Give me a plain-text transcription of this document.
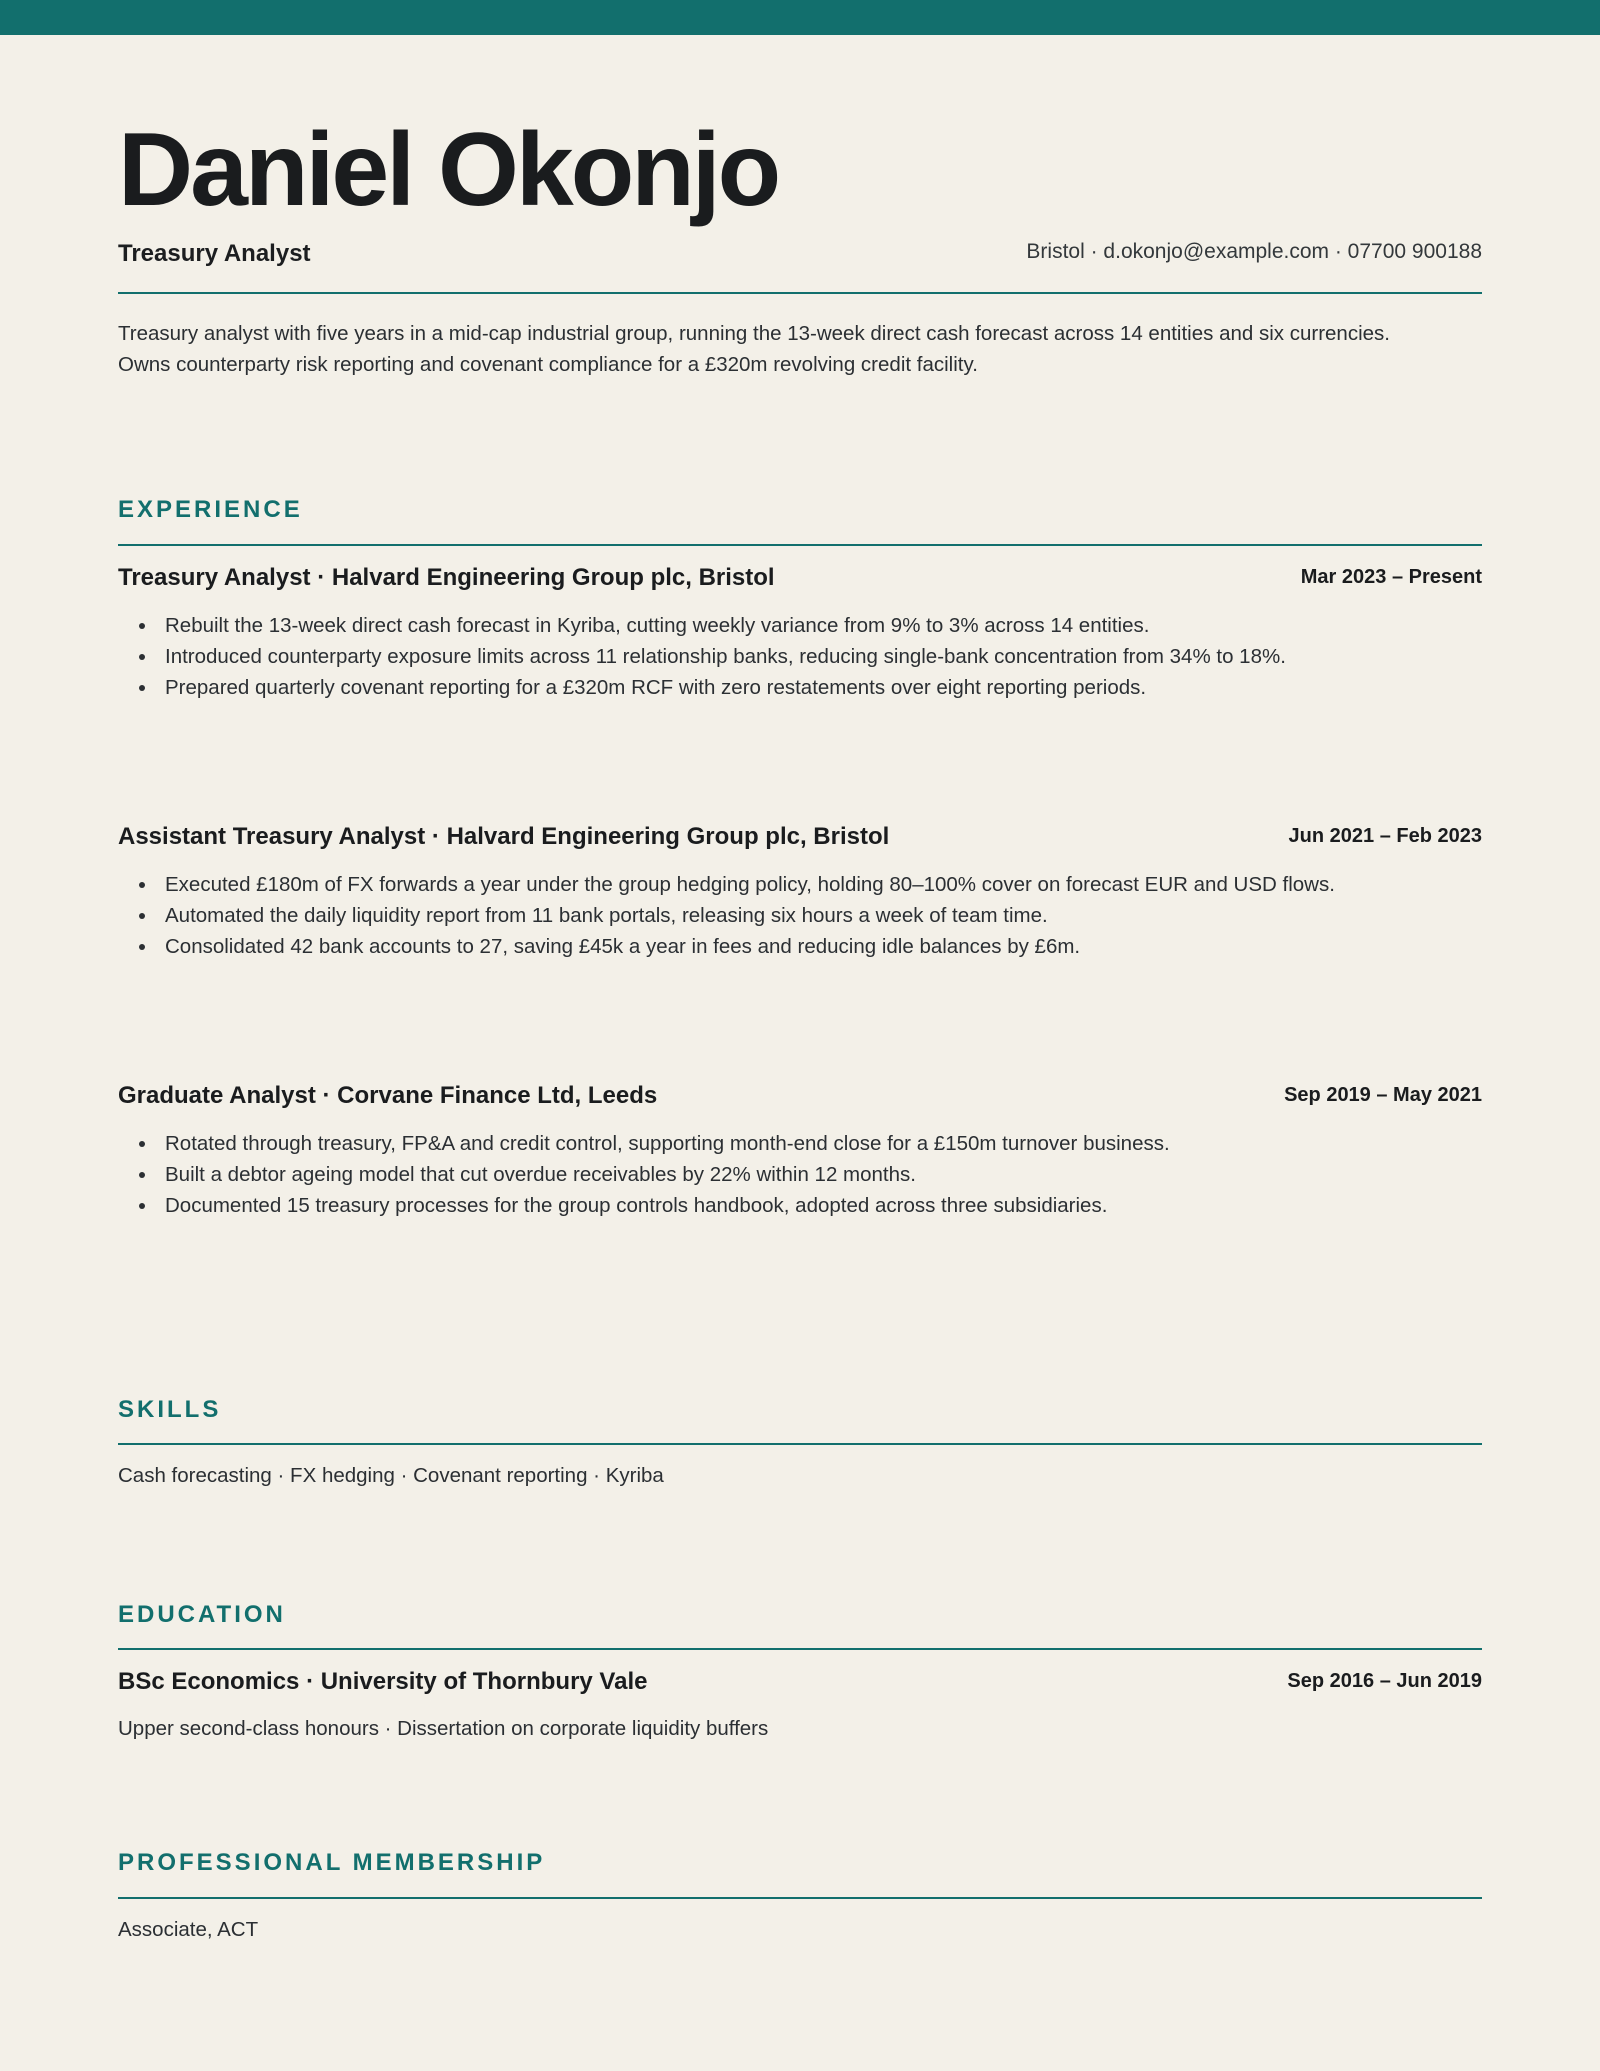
Daniel Okonjo
Treasury Analyst	Bristol · d.okonjo@example.com · 07700 900188
Treasury analyst with five years in a mid-cap industrial group, running the 13-week direct cash forecast across 14 entities and six currencies.
Owns counterparty risk reporting and covenant compliance for a £320m revolving credit facility.
EXPERIENCE
Treasury Analyst · Halvard Engineering Group plc, Bristol	Mar 2023 – Present
Rebuilt the 13-week direct cash forecast in Kyriba, cutting weekly variance from 9% to 3% across 14 entities.
Introduced counterparty exposure limits across 11 relationship banks, reducing single-bank concentration from 34% to 18%.
Prepared quarterly covenant reporting for a £320m RCF with zero restatements over eight reporting periods.
Assistant Treasury Analyst · Halvard Engineering Group plc, Bristol	Jun 2021 – Feb 2023
Executed £180m of FX forwards a year under the group hedging policy, holding 80–100% cover on forecast EUR and USD flows.
Automated the daily liquidity report from 11 bank portals, releasing six hours a week of team time.
Consolidated 42 bank accounts to 27, saving £45k a year in fees and reducing idle balances by £6m.
Graduate Analyst · Corvane Finance Ltd, Leeds	Sep 2019 – May 2021
Rotated through treasury, FP&A and credit control, supporting month-end close for a £150m turnover business.
Built a debtor ageing model that cut overdue receivables by 22% within 12 months.
Documented 15 treasury processes for the group controls handbook, adopted across three subsidiaries.
SKILLS
Cash forecasting · FX hedging · Covenant reporting · Kyriba
EDUCATION
BSc Economics · University of Thornbury Vale	Sep 2016 – Jun 2019
Upper second-class honours · Dissertation on corporate liquidity buffers
PROFESSIONAL MEMBERSHIP
Associate, ACT
